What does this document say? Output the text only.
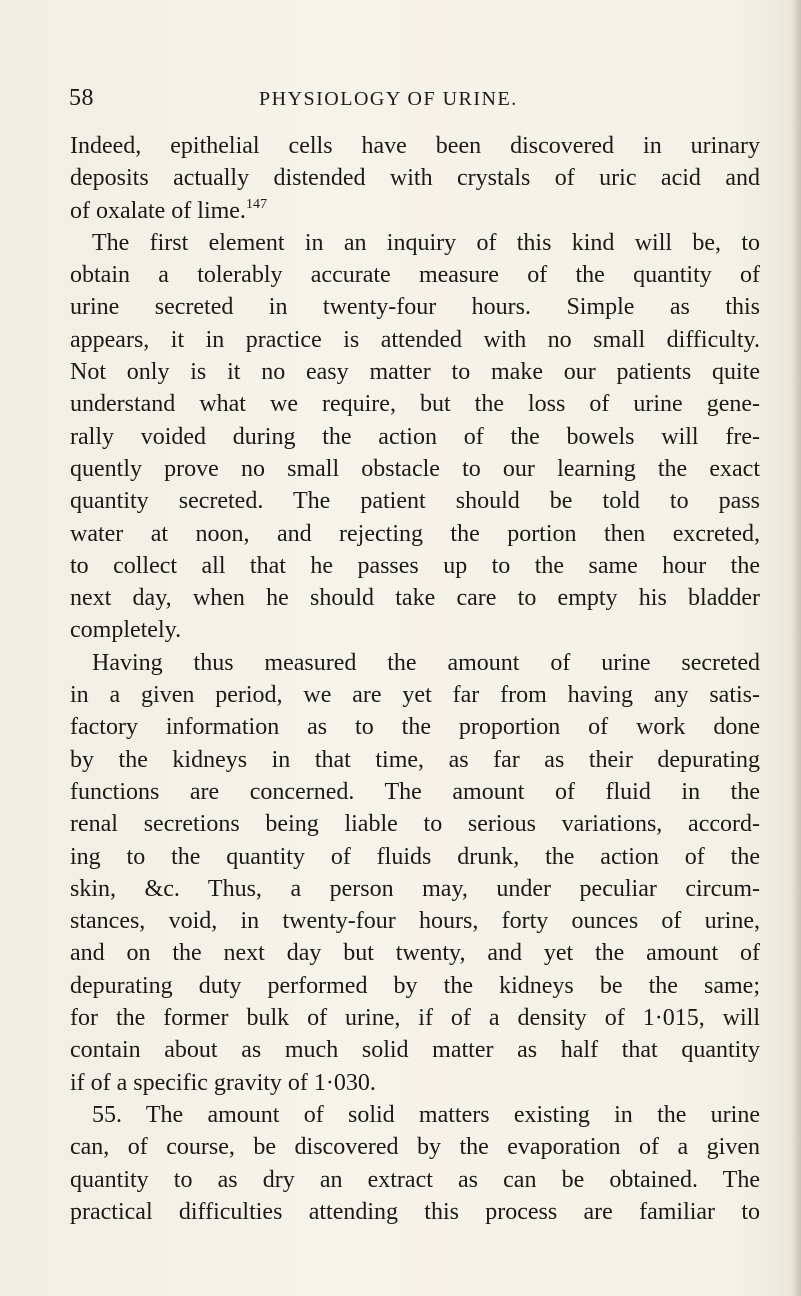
58	PHYSIOLOGY OF URINE.
Indeed, epithelial cells have been discovered in urinary
deposits actually distended with crystals of uric acid and
of oxalate of lime.$^{147}$
The first element in an inquiry of this kind will be, to
obtain a tolerably accurate measure of the quantity of
urine secreted in twenty-four hours. Simple as this
appears, it in practice is attended with no small difficulty.
Not only is it no easy matter to make our patients quite
understand what we require, but the loss of urine gene-
rally voided during the action of the bowels will fre-
quently prove no small obstacle to our learning the exact
quantity secreted. The patient should be told to pass
water at noon, and rejecting the portion then excreted,
to collect all that he passes up to the same hour the
next day, when he should take care to empty his bladder
completely.
Having thus measured the amount of urine secreted
in a given period, we are yet far from having any satis-
factory information as to the proportion of work done
by the kidneys in that time, as far as their depurating
functions are concerned. The amount of fluid in the
renal secretions being liable to serious variations, accord-
ing to the quantity of fluids drunk, the action of the
skin, &c. Thus, a person may, under peculiar circum-
stances, void, in twenty-four hours, forty ounces of urine,
and on the next day but twenty, and yet the amount of
depurating duty performed by the kidneys be the same;
for the former bulk of urine, if of a density of 1·015, will
contain about as much solid matter as half that quantity
if of a specific gravity of 1·030.
55. The amount of solid matters existing in the urine
can, of course, be discovered by the evaporation of a given
quantity to as dry an extract as can be obtained. The
practical difficulties attending this process are familiar to
